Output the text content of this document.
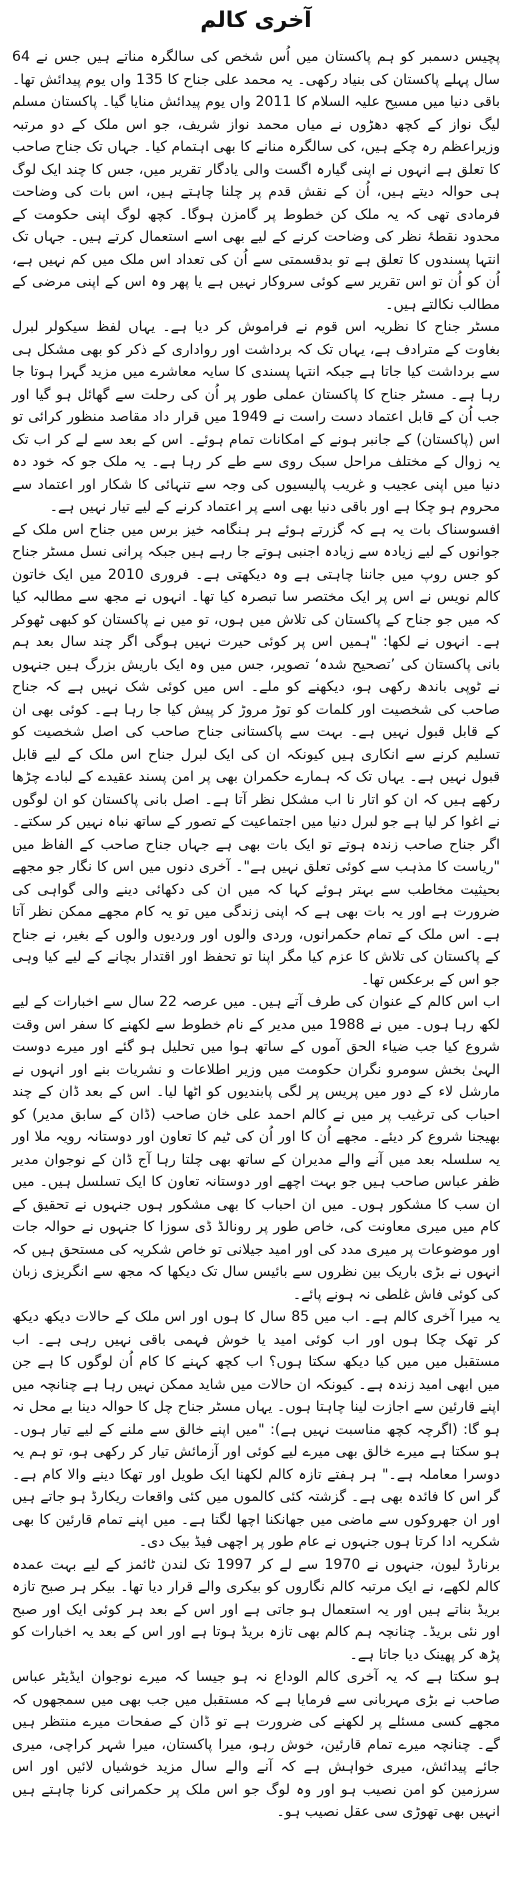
آخری کالم

پچیس دسمبر کو ہم پاکستان میں اُس شخص کی سالگرہ مناتے ہیں جس نے 64 سال پہلے پاکستان کی بنیاد رکھی۔ یہ محمد علی جناح کا 135 واں یوم پیدائش تھا۔ باقی دنیا میں مسیح علیہ السلام کا 2011 واں یوم پیدائش منایا گیا۔ پاکستان مسلم لیگ نواز کے کچھ دھڑوں نے میاں محمد نواز شریف، جو اس ملک کے دو مرتبہ وزیراعظم رہ چکے ہیں، کی سالگرہ منانے کا بھی اہتمام کیا۔ جہاں تک جناح صاحب کا تعلق ہے انہوں نے اپنی گیارہ اگست والی یادگار تقریر میں، جس کا چند ایک لوگ ہی حوالہ دیتے ہیں، اُن کے نقش قدم پر چلنا چاہتے ہیں، اس بات کی وضاحت فرمادی تھی کہ یہ ملک کن خطوط پر گامزن ہوگا۔ کچھ لوگ اپنی حکومت کے محدود نقطۂ نظر کی وضاحت کرنے کے لیے بھی اسے استعمال کرتے ہیں۔ جہاں تک انتہا پسندوں کا تعلق ہے تو بدقسمتی سے اُن کی تعداد اس ملک میں کم نہیں ہے، اُن کو اُن تو اس تقریر سے کوئی سروکار نہیں ہے یا پھر وہ اس کے اپنی مرضی کے مطالب نکالتے ہیں۔

مسٹر جناح کا نظریہ اس قوم نے فراموش کر دیا ہے۔ یہاں لفظ سیکولر لبرل بغاوت کے مترادف ہے، یہاں تک کہ برداشت اور رواداری کے ذکر کو بھی مشکل ہی سے برداشت کیا جاتا ہے جبکہ انتہا پسندی کا سایہ معاشرے میں مزید گہرا ہوتا جا رہا ہے۔ مسٹر جناح کا پاکستان عملی طور پر اُن کی رحلت سے گھائل ہو گیا اور جب اُن کے قابل اعتماد دست راست نے 1949 میں قرار داد مقاصد منظور کرائی تو اس (پاکستان) کے جانبر ہونے کے امکانات تمام ہوئے۔ اس کے بعد سے لے کر اب تک یہ زوال کے مختلف مراحل سبک روی سے طے کر رہا ہے۔ یہ ملک جو کہ خود دہ دنیا میں اپنی عجیب و غریب پالیسیوں کی وجہ سے تنہائی کا شکار اور اعتماد سے محروم ہو چکا ہے اور باقی دنیا بھی اسے پر اعتماد کرنے کے لیے تیار نہیں ہے۔

افسوسناک بات یہ ہے کہ گزرتے ہوئے ہر ہنگامہ خیز برس میں جناح اس ملک کے جوانوں کے لیے زیادہ سے زیادہ اجنبی ہوتے جا رہے ہیں جبکہ پرانی نسل مسٹر جناح کو جس روپ میں جاننا چاہتی ہے وہ دیکھتی ہے۔ فروری 2010 میں ایک خاتون کالم نویس نے اس پر ایک مختصر سا تبصرہ کیا تھا۔ انہوں نے مجھ سے مطالبہ کیا کہ میں جو جناح کے پاکستان کی تلاش میں ہوں، تو میں نے پاکستان کو کبھی ٹھوکر ہے۔ انہوں نے لکھا: "ہمیں اس پر کوئی حیرت نہیں ہوگی اگر چند سال بعد ہم بانی پاکستان کی ’تصحیح شدہ‘ تصویر، جس میں وہ ایک باریش بزرگ ہیں جنہوں نے ٹوپی باندھ رکھی ہو، دیکھنے کو ملے۔ اس میں کوئی شک نہیں ہے کہ جناح صاحب کی شخصیت اور کلمات کو توڑ مروڑ کر پیش کیا جا رہا ہے۔ کوئی بھی ان کے قابل قبول نہیں ہے۔ بہت سے پاکستانی جناح صاحب کی اصل شخصیت کو تسلیم کرنے سے انکاری ہیں کیونکہ ان کی ایک لبرل جناح اس ملک کے لیے قابل قبول نہیں ہے۔ یہاں تک کہ ہمارے حکمران بھی پر امن پسند عقیدے کے لبادے چڑھا رکھے ہیں کہ ان کو اتار نا اب مشکل نظر آتا ہے۔ اصل بانی پاکستان کو ان لوگوں نے اغوا کر لیا ہے جو لبرل دنیا میں اجتماعیت کے تصور کے ساتھ نباہ نہیں کر سکتے۔ اگر جناح صاحب زندہ ہوتے تو ایک بات بھی ہے جہاں جناح صاحب کے الفاظ میں "ریاست کا مذہب سے کوئی تعلق نہیں ہے"۔ آخری دنوں میں اس کا نگار جو مجھے بحیثیت مخاطب سے بہتر ہوئے کہا کہ میں ان کی دکھائی دینے والی گواہی کی ضرورت ہے اور یہ بات بھی ہے کہ اپنی زندگی میں تو یہ کام مجھے ممکن نظر آتا ہے۔ اس ملک کے تمام حکمرانوں، وردی والوں اور وردیوں والوں کے بغیر، نے جناح کے پاکستان کی تلاش کا عزم کیا مگر اپنا تو تحفظ اور اقتدار بچانے کے لیے کیا وہی جو اس کے برعکس تھا۔

اب اس کالم کے عنوان کی طرف آتے ہیں۔ میں عرصہ 22 سال سے اخبارات کے لیے لکھ رہا ہوں۔ میں نے 1988 میں مدیر کے نام خطوط سے لکھنے کا سفر اس وقت شروع کیا جب ضیاء الحق آموں کے ساتھ ہوا میں تحلیل ہو گئے اور میرے دوست الہیٰ بخش سومرو نگران حکومت میں وزیر اطلاعات و نشریات بنے اور انہوں نے مارشل لاء کے دور میں پریس پر لگی پابندیوں کو اٹھا لیا۔ اس کے بعد ڈان کے چند احباب کی ترغیب پر میں نے کالم احمد علی خان صاحب (ڈان کے سابق مدیر) کو بھیجنا شروع کر دیئے۔ مجھے اُن کا اور اُن کی ٹیم کا تعاون اور دوستانہ رویہ ملا اور یہ سلسلہ بعد میں آنے والے مدیران کے ساتھ بھی چلتا رہا آج ڈان کے نوجوان مدیر ظفر عباس صاحب ہیں جو بہت اچھے اور دوستانہ تعاون کا ایک تسلسل ہیں۔ میں ان سب کا مشکور ہوں۔ میں ان احباب کا بھی مشکور ہوں جنہوں نے تحقیق کے کام میں میری معاونت کی، خاص طور پر رونالڈ ڈی سوزا کا جنہوں نے حوالہ جات اور موضوعات پر میری مدد کی اور امید جیلانی تو خاص شکریہ کی مستحق ہیں کہ انہوں نے بڑی باریک بین نظروں سے بائیس سال تک دیکھا کہ مجھ سے انگریزی زبان کی کوئی فاش غلطی نہ ہونے پائے۔

یہ میرا آخری کالم ہے۔ اب میں 85 سال کا ہوں اور اس ملک کے حالات دیکھ دیکھ کر تھک چکا ہوں اور اب کوئی امید یا خوش فہمی باقی نہیں رہی ہے۔ اب مستقبل میں میں کیا دیکھ سکتا ہوں؟ اب کچھ کہنے کا کام اُن لوگوں کا ہے جن میں ابھی امید زندہ ہے۔ کیونکہ ان حالات میں شاید ممکن نہیں رہا ہے چنانچہ میں اپنے قارئین سے اجازت لینا چاہتا ہوں۔ یہاں مسٹر جناح چل کا حوالہ دینا بے محل نہ ہو گا: (اگرچہ کچھ مناسبت نہیں ہے): "میں اپنے خالق سے ملنے کے لیے تیار ہوں۔ ہو سکتا ہے میرے خالق بھی میرے لیے کوئی اور آزمائش تیار کر رکھی ہو، تو ہم یہ دوسرا معاملہ ہے۔" ہر ہفتے تازہ کالم لکھنا ایک طویل اور تھکا دینے والا کام ہے۔ گر اس کا فائدہ بھی ہے۔ گزشتہ کئی کالموں میں کئی واقعات ریکارڈ ہو جاتے ہیں اور ان جھروکوں سے ماضی میں جھانکنا اچھا لگتا ہے۔ میں اپنے تمام قارئین کا بھی شکریہ ادا کرتا ہوں جنہوں نے عام طور پر اچھی فیڈ بیک دی۔

برنارڈ لیون، جنہوں نے 1970 سے لے کر 1997 تک لندن ٹائمز کے لیے بہت عمدہ کالم لکھے، نے ایک مرتبہ کالم نگاروں کو بیکری والے قرار دیا تھا۔ بیکر ہر صبح تازہ بریڈ بناتے ہیں اور یہ استعمال ہو جاتی ہے اور اس کے بعد ہر کوئی ایک اور صبح اور نئی بریڈ۔ چنانچہ ہم کالم بھی تازہ بریڈ ہوتا ہے اور اس کے بعد یہ اخبارات کو پڑھ کر پھینک دیا جاتا ہے۔

ہو سکتا ہے کہ یہ آخری کالم الوداع نہ ہو جیسا کہ میرے نوجوان ایڈیٹر عباس صاحب نے بڑی مہربانی سے فرمایا ہے کہ مستقبل میں جب بھی میں سمجھوں کہ مجھے کسی مسئلے پر لکھنے کی ضرورت ہے تو ڈان کے صفحات میرے منتظر ہیں گے۔ چنانچہ میرے تمام قارئین، خوش رہو، میرا پاکستان، میرا شہر کراچی، میری جائے پیدائش، میری خواہش ہے کہ آنے والے سال مزید خوشیاں لائیں اور اس سرزمین کو امن نصیب ہو اور وہ لوگ جو اس ملک پر حکمرانی کرنا چاہتے ہیں انہیں بھی تھوڑی سی عقل نصیب ہو۔
